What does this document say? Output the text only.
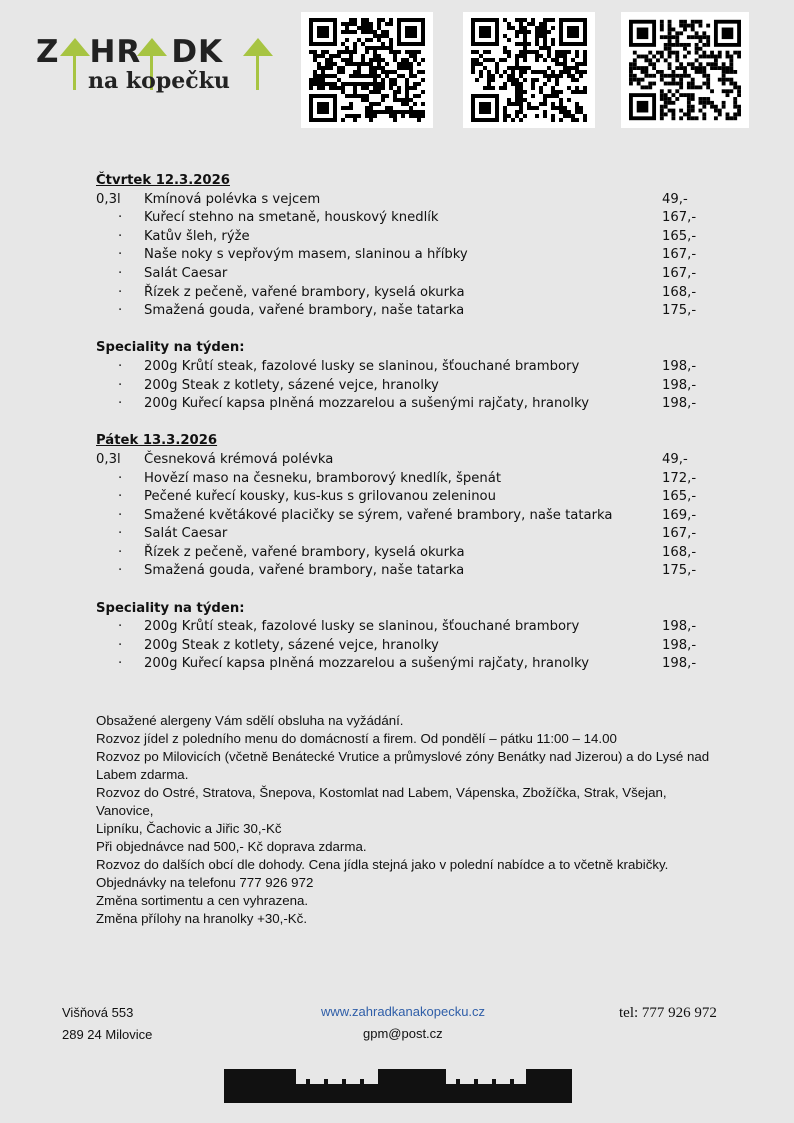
Z HR DK
na kopečku
Čtvrtek 12.3.2026
0,3l Kmínová polévka s vejcem	49,-
· Kuřecí stehno na smetaně, houskový knedlík	167,-
· Katův šleh, rýže	165,-
· Naše noky s vepřovým masem, slaninou a hříbky	167,-
· Salát Caesar	167,-
· Řízek z pečeně, vařené brambory, kyselá okurka	168,-
· Smažená gouda, vařené brambory, naše tatarka	175,-
Speciality na týden:
· 200g Krůtí steak, fazolové lusky se slaninou, šťouchané brambory	198,-
· 200g Steak z kotlety, sázené vejce, hranolky	198,-
· 200g Kuřecí kapsa plněná mozzarelou a sušenými rajčaty, hranolky	198,-
Pátek 13.3.2026
0,3l Česneková krémová polévka	49,-
· Hovězí maso na česneku, bramborový knedlík, špenát	172,-
· Pečené kuřecí kousky, kus-kus s grilovanou zeleninou	165,-
· Smažené květákové placičky se sýrem, vařené brambory, naše tatarka	169,-
· Salát Caesar	167,-
· Řízek z pečeně, vařené brambory, kyselá okurka	168,-
· Smažená gouda, vařené brambory, naše tatarka	175,-
Speciality na týden:
· 200g Krůtí steak, fazolové lusky se slaninou, šťouchané brambory	198,-
· 200g Steak z kotlety, sázené vejce, hranolky	198,-
· 200g Kuřecí kapsa plněná mozzarelou a sušenými rajčaty, hranolky	198,-
Obsažené alergeny Vám sdělí obsluha na vyžádání.
Rozvoz jídel z poledního menu do domácností a firem. Od pondělí – pátku 11:00 – 14.00
Rozvoz po Milovicích (včetně Benátecké Vrutice a průmyslové zóny Benátky nad Jizerou) a do Lysé nad
Labem zdarma.
Rozvoz do Ostré, Stratova, Šnepova, Kostomlat nad Labem, Vápenska, Zbožíčka, Strak, Všejan, Vanovice,
Lipníku, Čachovic a Jiřic 30,-Kč
Při objednávce nad 500,- Kč doprava zdarma.
Rozvoz do dalších obcí dle dohody. Cena jídla stejná jako v polední nabídce a to včetně krabičky.
Objednávky na telefonu 777 926 972
Změna sortimentu a cen vyhrazena.
Změna přílohy na hranolky +30,-Kč.
Višňová 553
289 24 Milovice
www.zahradkanakopecku.cz
gpm@post.cz
tel: 777 926 972
